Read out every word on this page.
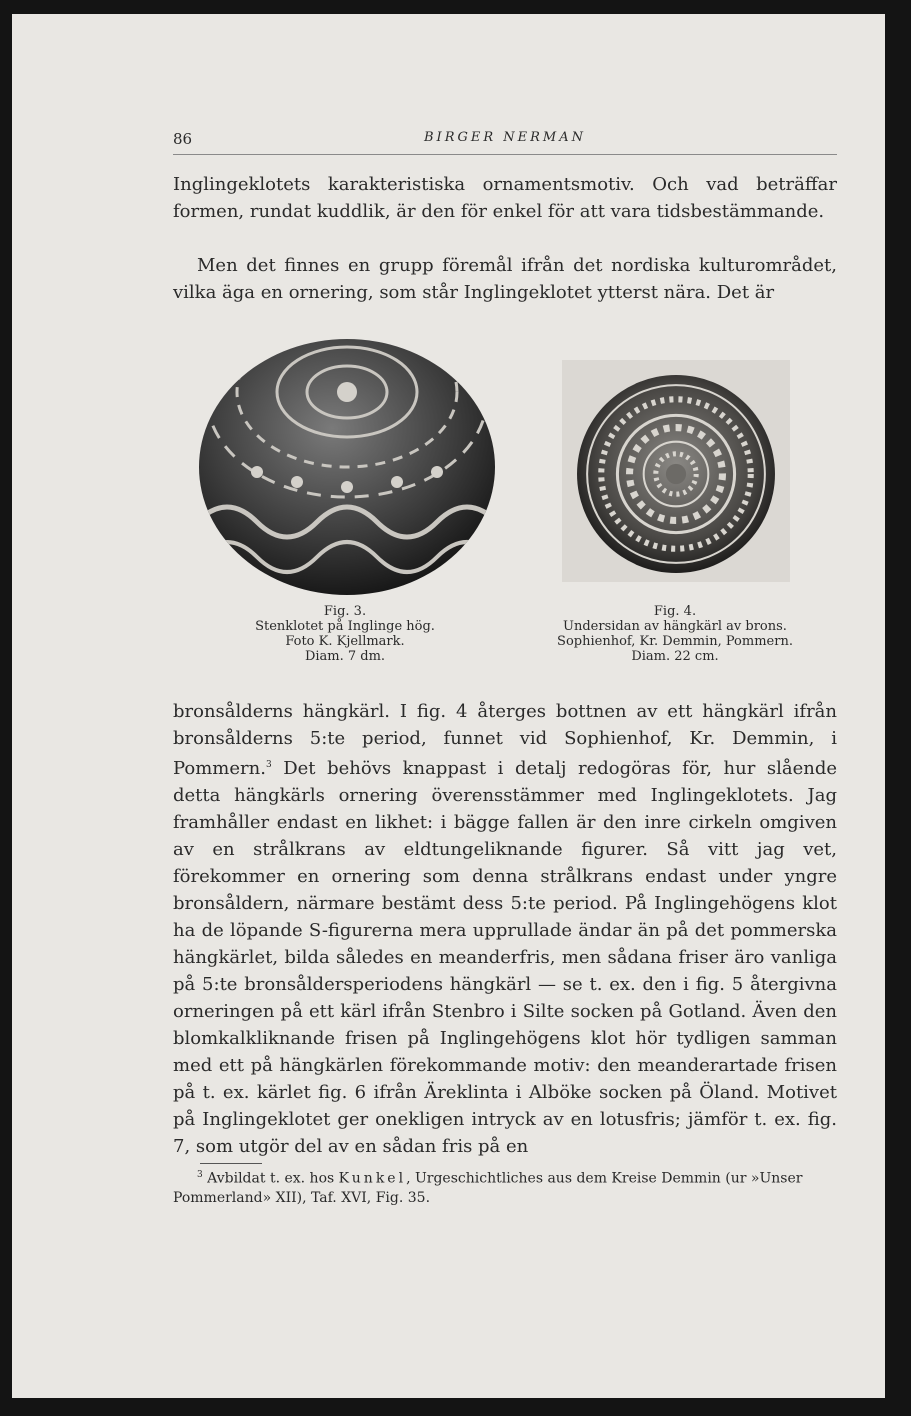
86	BIRGER NERMAN

Inglingeklotets karakteristiska ornamentsmotiv. Och vad beträffar formen, rundat kuddlik, är den för enkel för att vara tidsbestämmande.

Men det finnes en grupp föremål ifrån det nordiska kulturområdet, vilka äga en ornering, som står Inglingeklotet ytterst nära. Det är

Fig. 3.
Stenklotet på Inglinge hög.
Foto K. Kjellmark.
Diam. 7 dm.
Fig. 4.
Undersidan av hängkärl av brons.
Sophienhof, Kr. Demmin, Pommern.
Diam. 22 cm.

bronsålderns hängkärl. I fig. 4 återges bottnen av ett hängkärl ifrån bronsålderns 5:te period, funnet vid Sophienhof, Kr. Demmin, i Pommern.$^3$ Det behövs knappast i detalj redogöras för, hur slående detta hängkärls ornering överensstämmer med Inglingeklotets. Jag framhåller endast en likhet: i bägge fallen är den inre cirkeln omgiven av en strålkrans av eldtungeliknande figurer. Så vitt jag vet, förekommer en ornering som denna strålkrans endast under yngre bronsåldern, närmare bestämt dess 5:te period. På Inglingehögens klot ha de löpande S-figurerna mera upprullade ändar än på det pommerska hängkärlet, bilda således en meanderfris, men sådana friser äro vanliga på 5:te bronsåldersperiodens hängkärl — se t. ex. den i fig. 5 återgivna orneringen på ett kärl ifrån Stenbro i Silte socken på Gotland. Även den blomkalkliknande frisen på Inglingehögens klot hör tydligen samman med ett på hängkärlen förekommande motiv: den meanderartade frisen på t. ex. kärlet fig. 6 ifrån Äreklinta i Alböke socken på Öland. Motivet på Inglingeklotet ger onekligen intryck av en lotusfris; jämför t. ex. fig. 7, som utgör del av en sådan fris på en

$^3$ Avbildat t. ex. hos Kunkel, Urgeschichtliches aus dem Kreise Demmin (ur »Unser Pommerland» XII), Taf. XVI, Fig. 35.
